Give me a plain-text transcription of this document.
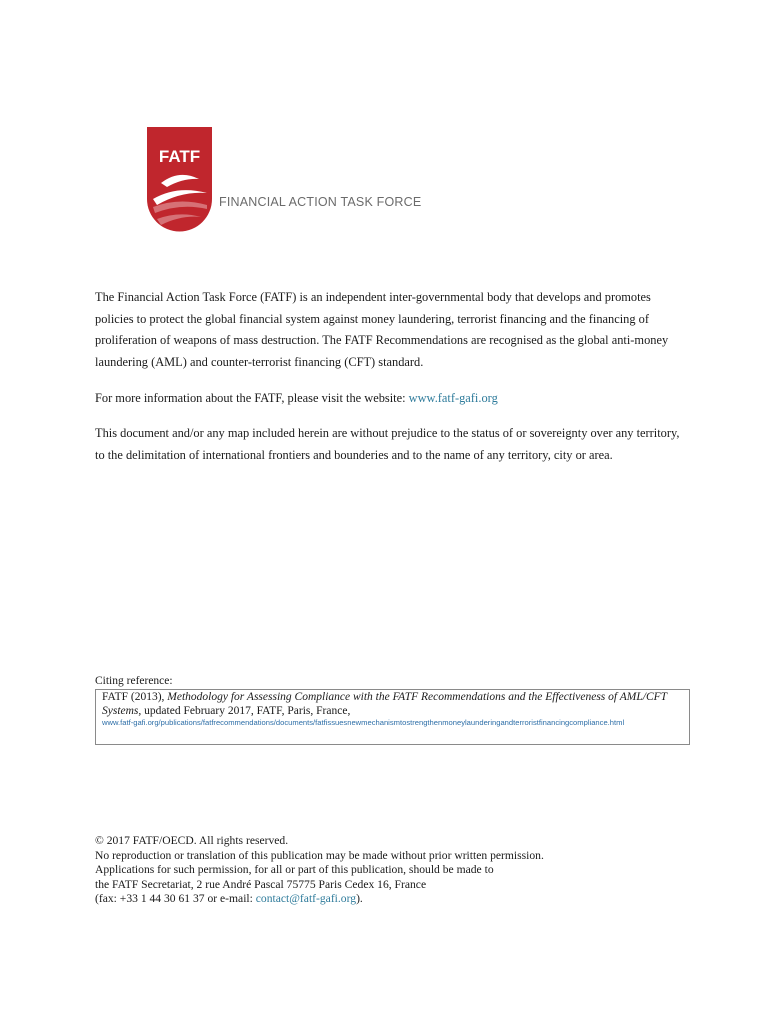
FATF
FINANCIAL ACTION TASK FORCE

The Financial Action Task Force (FATF) is an independent inter-governmental body that develops and promotes policies to protect the global financial system against money laundering, terrorist financing and the financing of proliferation of weapons of mass destruction. The FATF Recommendations are recognised as the global anti-money laundering (AML) and counter-terrorist financing (CFT) standard.

For more information about the FATF, please visit the website: www.fatf-gafi.org

This document and/or any map included herein are without prejudice to the status of or sovereignty over any territory, to the delimitation of international frontiers and bounderies and to the name of any territory, city or area.

Citing reference:
FATF (2013), Methodology for Assessing Compliance with the FATF Recommendations and the Effectiveness of AML/CFT Systems, updated February 2017, FATF, Paris, France,
www.fatf-gafi.org/publications/fatfrecommendations/documents/fatfissuesnewmechanismtostrengthenmoneylaunderingandterroristfinancingcompliance.html
© 2017 FATF/OECD. All rights reserved.
No reproduction or translation of this publication may be made without prior written permission.
Applications for such permission, for all or part of this publication, should be made to
the FATF Secretariat, 2 rue André Pascal 75775 Paris Cedex 16, France
(fax: +33 1 44 30 61 37 or e-mail: contact@fatf-gafi.org).
